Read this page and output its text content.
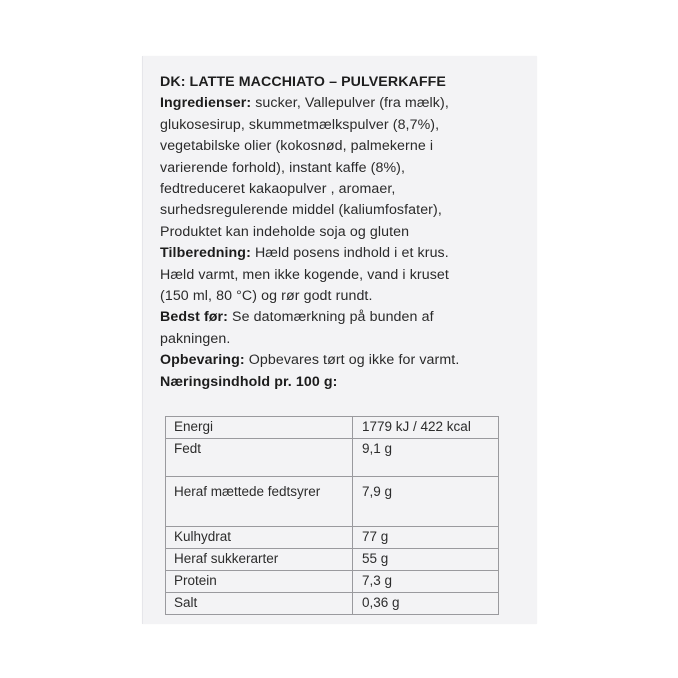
DK: LATTE MACCHIATO – PULVERKAFFE
Ingredienser: sucker, Vallepulver (fra mælk),
glukosesirup, skummetmælkspulver (8,7%),
vegetabilske olier (kokosnød, palmekerne i
varierende forhold), instant kaffe (8%),
fedtreduceret kakaopulver , aromaer,
surhedsregulerende middel (kaliumfosfater),
Produktet kan indeholde soja og gluten
Tilberedning: Hæld posens indhold i et krus.
Hæld varmt, men ikke kogende, vand i kruset
(150 ml, 80 °C) og rør godt rundt.
Bedst før: Se datomærkning på bunden af
pakningen.
Opbevaring: Opbevares tørt og ikke for varmt.
Næringsindhold pr. 100 g:
Energi	1779 kJ / 422 kcal
Fedt	9,1 g
Heraf mættede fedtsyrer	7,9 g
Kulhydrat	77 g
Heraf sukkerarter	55 g
Protein	7,3 g
Salt	0,36 g
